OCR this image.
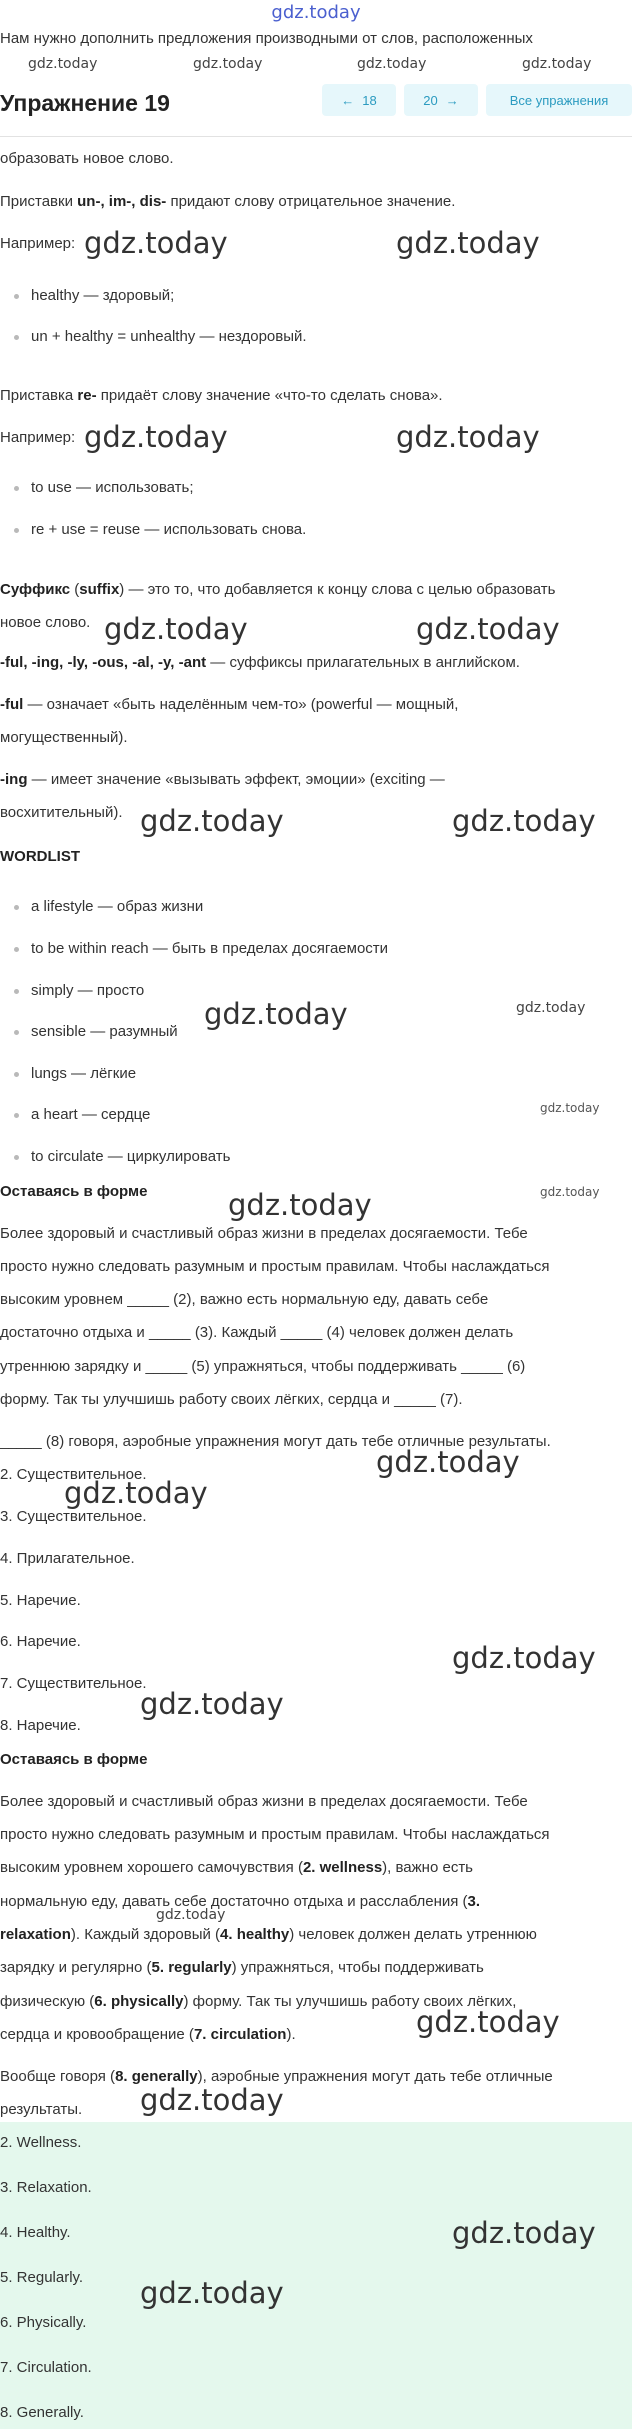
gdz.today
Нам нужно дополнить предложения производными от слов, расположенных
gdz.today	gdz.today	gdz.today	gdz.today
Упражнение 19	← 18	20 →	Все упражнения
образовать новое слово.
Приставки un-, im-, dis- придают слову отрицательное значение.
Например: gdz.today	gdz.today
healthy — здоровый;
un + healthy = unhealthy — нездоровый.
Приставка re- придаёт слову значение «что-то сделать снова».
Например: gdz.today	gdz.today
to use — использовать;
re + use = reuse — использовать снова.
Суффикс (suffix) — это то, что добавляется к концу слова с целью образовать
новое слово. gdz.today	gdz.today
-ful, -ing, -ly, -ous, -al, -y, -ant — суффиксы прилагательных в английском.
-ful — означает «быть наделённым чем-то» (powerful — мощный,
могущественный).
-ing — имеет значение «вызывать эффект, эмоции» (exciting —
восхитительный). gdz.today	gdz.today
WORDLIST
a lifestyle — образ жизни
to be within reach — быть в пределах досягаемости
simply — просто
sensible — разумный
gdz.today	gdz.today
lungs — лёгкие
a heart — сердце	gdz.today
to circulate — циркулировать
Оставаясь в форме	gdz.today
gdz.today
Более здоровый и счастливый образ жизни в пределах досягаемости. Тебе
просто нужно следовать разумным и простым правилам. Чтобы наслаждаться
высоким уровнем _____ (2), важно есть нормальную еду, давать себе
достаточно отдыха и _____ (3). Каждый _____ (4) человек должен делать
утреннюю зарядку и _____ (5) упражняться, чтобы поддерживать _____ (6)
форму. Так ты улучшишь работу своих лёгких, сердца и _____ (7).
_____ (8) говоря, аэробные упражнения могут дать тебе отличные результаты.
gdz.today
2. Существительное.
gdz.today
3. Существительное.
4. Прилагательное.
5. Наречие.
6. Наречие.	gdz.today
7. Существительное.
gdz.today
8. Наречие.
Оставаясь в форме
Более здоровый и счастливый образ жизни в пределах досягаемости. Тебе
просто нужно следовать разумным и простым правилам. Чтобы наслаждаться
высоким уровнем хорошего самочувствия (2. wellness), важно есть
нормальную еду, давать себе достаточно отдыха и расслабления (3.
relaxation). Каждый здоровый (4. healthy) человек должен делать утреннюю
gdz.today
зарядку и регулярно (5. regularly) упражняться, чтобы поддерживать
физическую (6. physically) форму. Так ты улучшишь работу своих лёгких,
сердца и кровообращение (7. circulation).	gdz.today
Вообще говоря (8. generally), аэробные упражнения могут дать тебе отличные
результаты. gdz.today
2. Wellness.
3. Relaxation.
4. Healthy.	gdz.today
5. Regularly.
6. Physically.
gdz.today
7. Circulation.
8. Generally.
